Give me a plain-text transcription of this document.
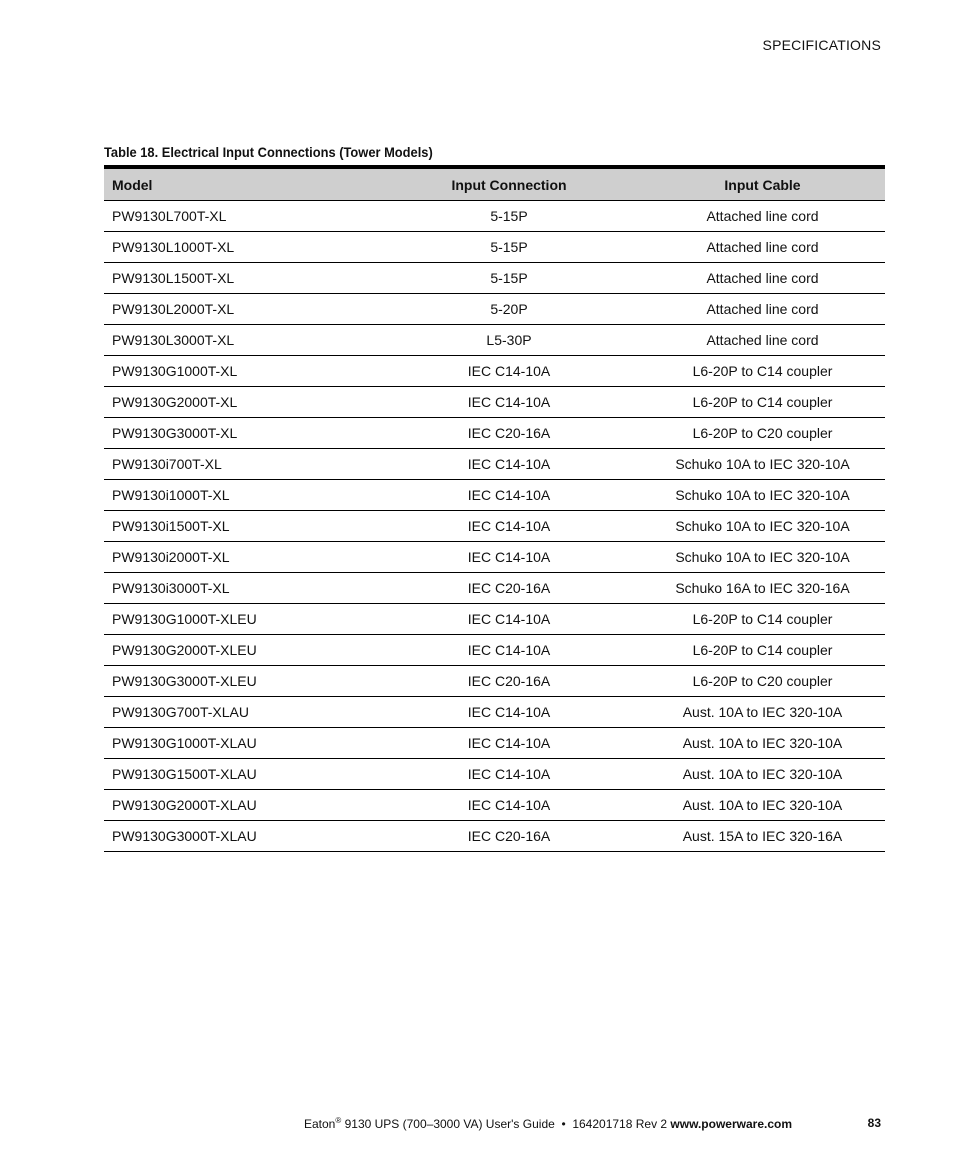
SPECIFICATIONS
Table 18. Electrical Input Connections (Tower Models)
Model	Input Connection	Input Cable
PW9130L700T-XL	5-15P	Attached line cord
PW9130L1000T-XL	5-15P	Attached line cord
PW9130L1500T-XL	5-15P	Attached line cord
PW9130L2000T-XL	5-20P	Attached line cord
PW9130L3000T-XL	L5-30P	Attached line cord
PW9130G1000T-XL	IEC C14-10A	L6-20P to C14 coupler
PW9130G2000T-XL	IEC C14-10A	L6-20P to C14 coupler
PW9130G3000T-XL	IEC C20-16A	L6-20P to C20 coupler
PW9130i700T-XL	IEC C14-10A	Schuko 10A to IEC 320-10A
PW9130i1000T-XL	IEC C14-10A	Schuko 10A to IEC 320-10A
PW9130i1500T-XL	IEC C14-10A	Schuko 10A to IEC 320-10A
PW9130i2000T-XL	IEC C14-10A	Schuko 10A to IEC 320-10A
PW9130i3000T-XL	IEC C20-16A	Schuko 16A to IEC 320-16A
PW9130G1000T-XLEU	IEC C14-10A	L6-20P to C14 coupler
PW9130G2000T-XLEU	IEC C14-10A	L6-20P to C14 coupler
PW9130G3000T-XLEU	IEC C20-16A	L6-20P to C20 coupler
PW9130G700T-XLAU	IEC C14-10A	Aust. 10A to IEC 320-10A
PW9130G1000T-XLAU	IEC C14-10A	Aust. 10A to IEC 320-10A
PW9130G1500T-XLAU	IEC C14-10A	Aust. 10A to IEC 320-10A
PW9130G2000T-XLAU	IEC C14-10A	Aust. 10A to IEC 320-10A
PW9130G3000T-XLAU	IEC C20-16A	Aust. 15A to IEC 320-16A
Eaton® 9130 UPS (700–3000 VA) User's Guide  •  164201718 Rev 2 www.powerware.com	83
